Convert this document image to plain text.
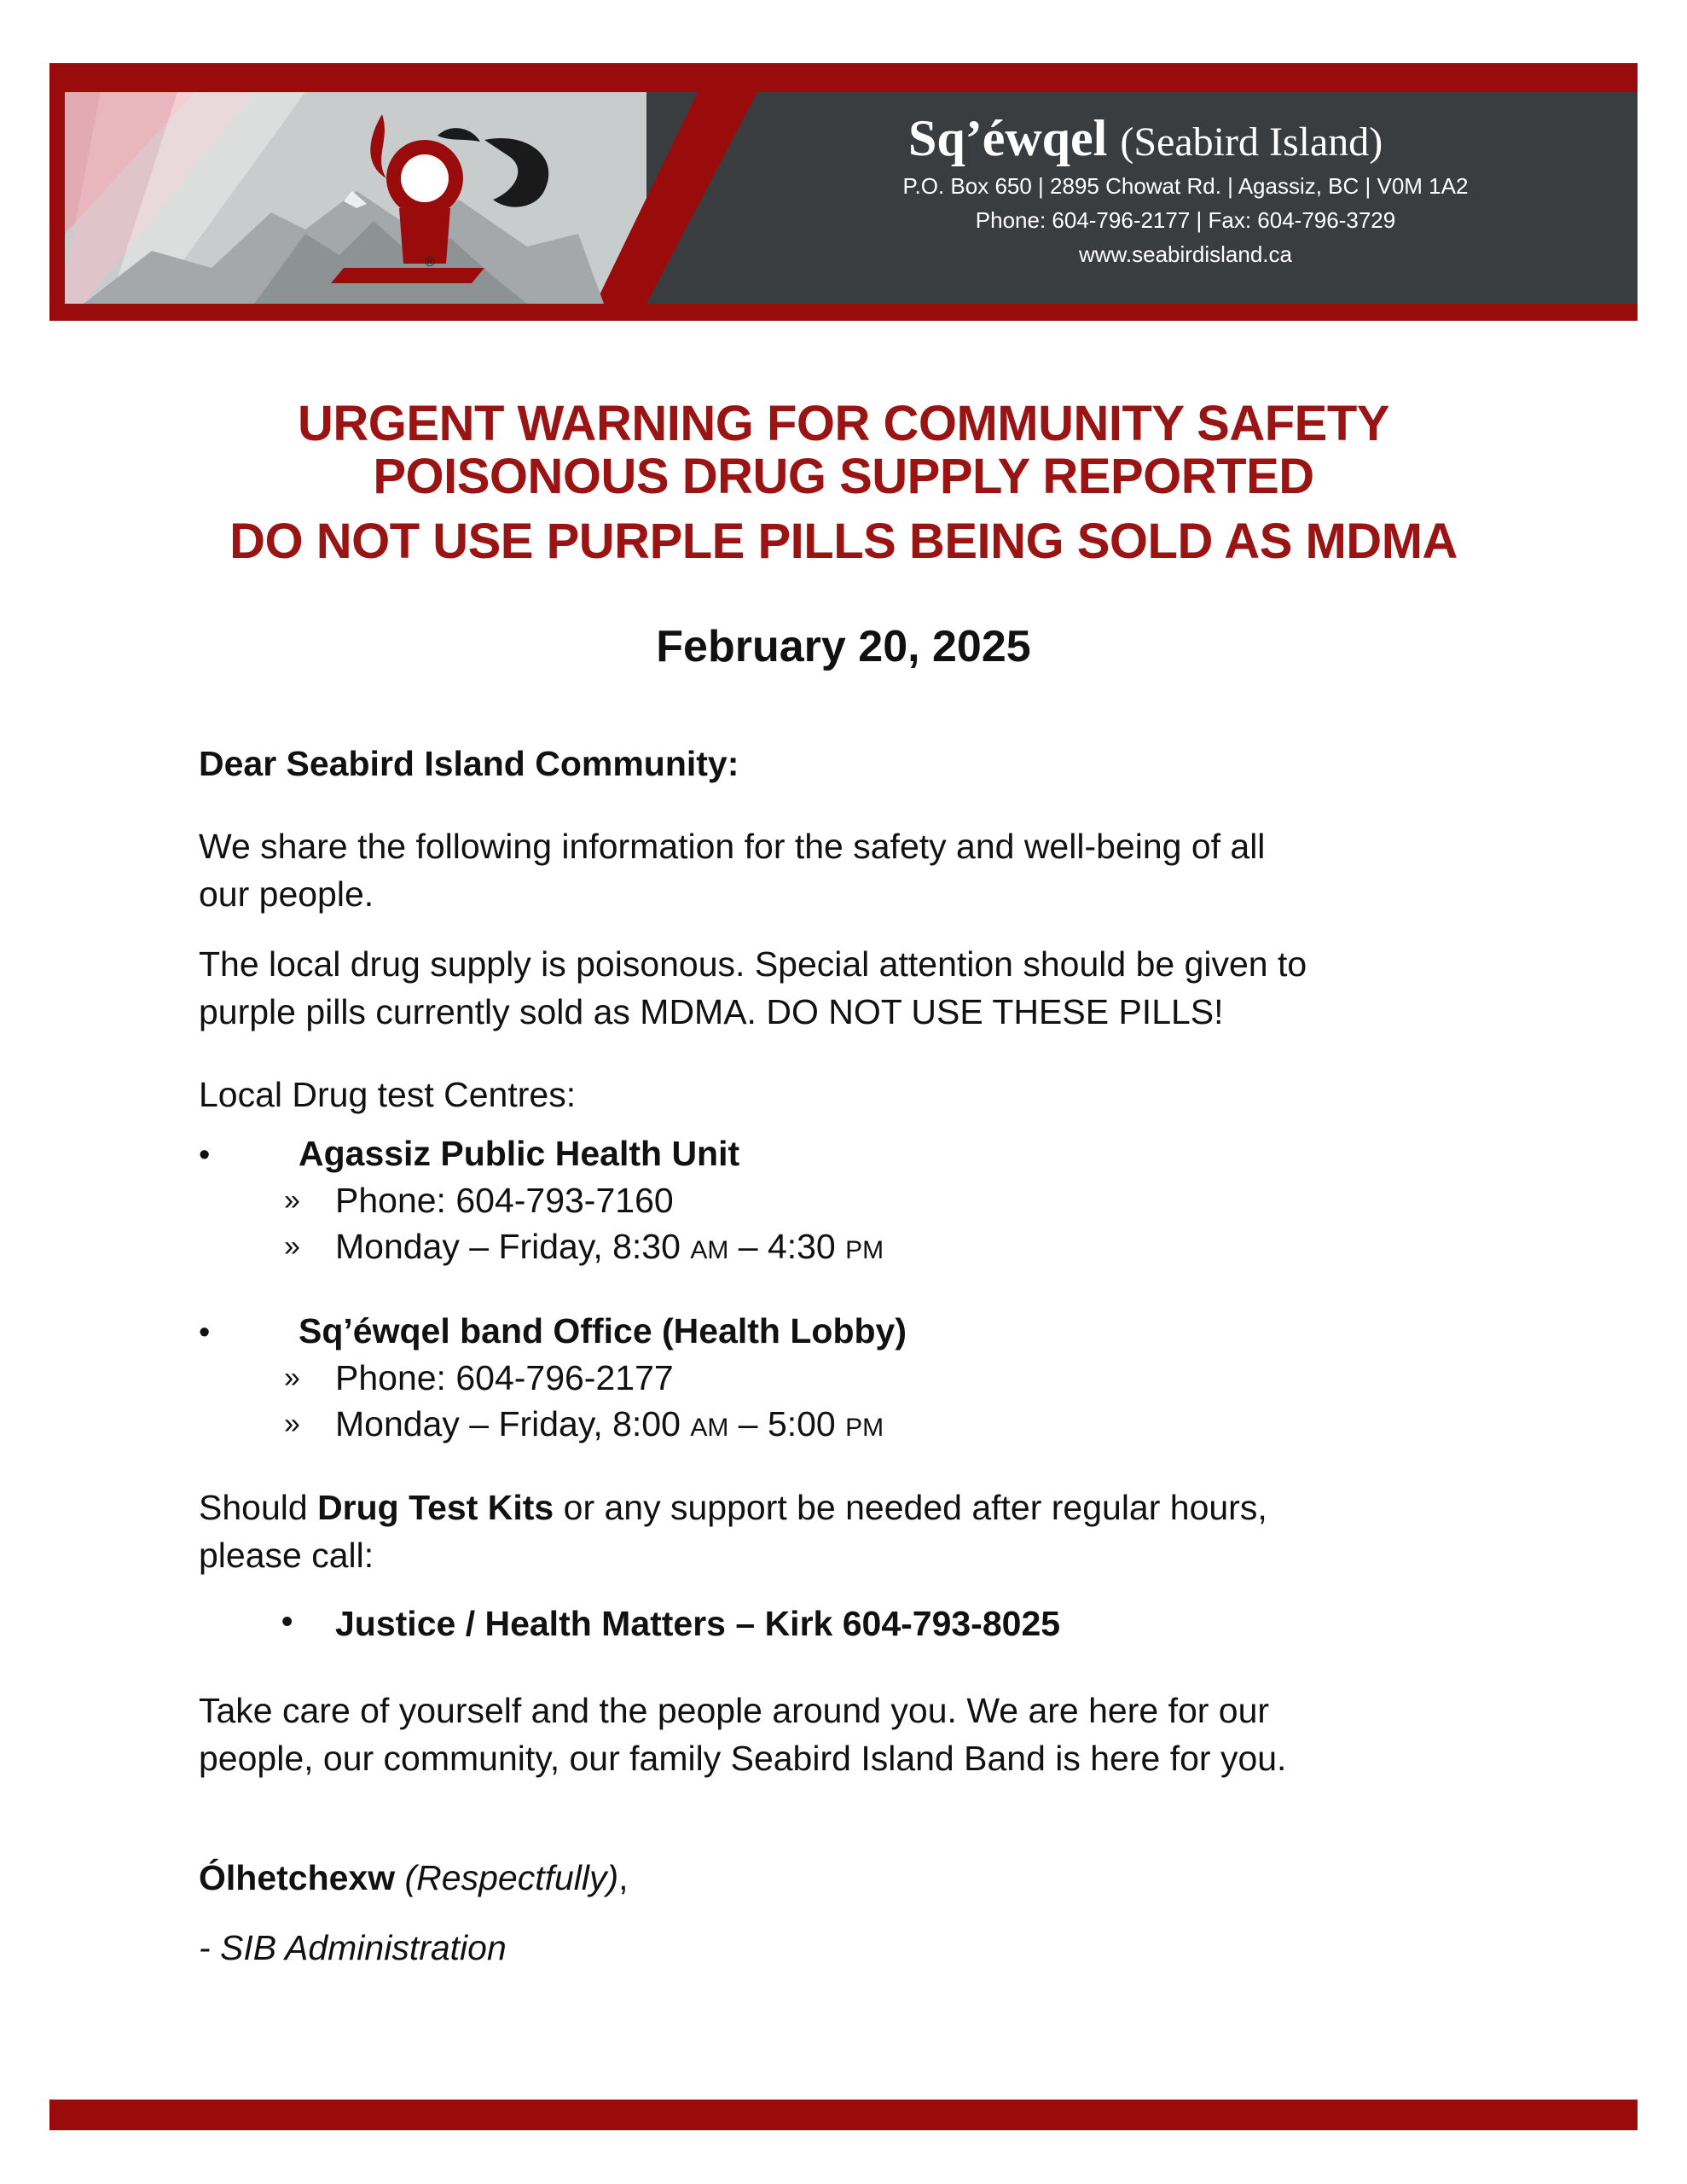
®
Sq’éwqel (Seabird Island)
P.O. Box 650 | 2895 Chowat Rd. | Agassiz, BC | V0M 1A2
Phone: 604-796-2177 | Fax: 604-796-3729
www.seabirdisland.ca
URGENT WARNING FOR COMMUNITY SAFETY
POISONOUS DRUG SUPPLY REPORTED
DO NOT USE PURPLE PILLS BEING SOLD AS MDMA
February 20, 2025
Dear Seabird Island Community:
We share the following information for the safety and well-being of all
our people.
The local drug supply is poisonous. Special attention should be given to
purple pills currently sold as MDMA. DO NOT USE THESE PILLS!
Local Drug test Centres:
•	Agassiz Public Health Unit
» Phone: 604-793-7160
» Monday – Friday, 8:30 AM – 4:30 PM
•	Sq’éwqel band Office (Health Lobby)
» Phone: 604-796-2177
» Monday – Friday, 8:00 AM – 5:00 PM
Should Drug Test Kits or any support be needed after regular hours,
please call:
• Justice / Health Matters – Kirk 604-793-8025
Take care of yourself and the people around you. We are here for our
people, our community, our family Seabird Island Band is here for you.
Ólhetchexw (Respectfully),
- SIB Administration
